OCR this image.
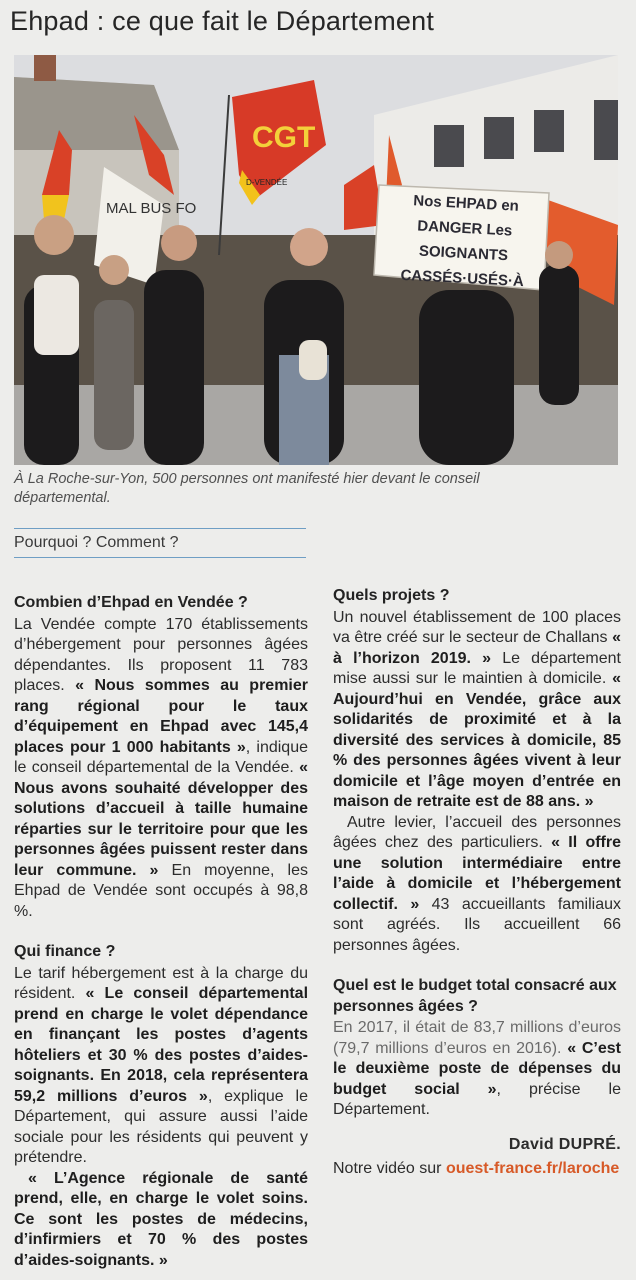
Ehpad : ce que fait le Département
CGT
D-VENDÉE
MAL BUS FO	Nos EHPAD en DANGER Les SOIGNANTS CASSÉS·USÉS·À
À La Roche-sur-Yon, 500 personnes ont manifesté hier devant le conseil départemental.
Pourquoi ? Comment ?
Combien d’Ehpad en Vendée ?

La Vendée compte 170 établissements d’hébergement pour personnes âgées dépendantes. Ils proposent 11 783 places. « Nous sommes au premier rang régional pour le taux d’équipement en Ehpad avec 145,4 places pour 1 000 habitants », indique le conseil départemental de la Vendée. « Nous avons souhaité développer des solutions d’accueil à taille humaine réparties sur le territoire pour que les personnes âgées puissent rester dans leur commune. » En moyenne, les Ehpad de Vendée sont occupés à 98,8 %.

Qui finance ?

Le tarif hébergement est à la charge du résident. « Le conseil départemental prend en charge le volet dépendance en finançant les postes d’agents hôteliers et 30 % des postes d’aides-soignants. En 2018, cela représentera 59,2 millions d’euros », explique le Département, qui assure aussi l’aide sociale pour les résidents qui peuvent y prétendre.

« L’Agence régionale de santé prend, elle, en charge le volet soins. Ce sont les postes de médecins, d’infirmiers et 70 % des postes d’aides-soignants. »

Quels projets ?

Un nouvel établissement de 100 places va être créé sur le secteur de Challans « à l’horizon 2019. » Le département mise aussi sur le maintien à domicile. « Aujourd’hui en Vendée, grâce aux solidarités de proximité et à la diversité des services à domicile, 85 % des personnes âgées vivent à leur domicile et l’âge moyen d’entrée en maison de retraite est de 88 ans. »

Autre levier, l’accueil des personnes âgées chez des particuliers. « Il offre une solution intermédiaire entre l’aide à domicile et l’hébergement collectif. » 43 accueillants familiaux sont agréés. Ils accueillent 66 personnes âgées.

Quel est le budget total consacré aux personnes âgées ?

En 2017, il était de 83,7 millions d’euros (79,7 millions d’euros en 2016). « C’est le deuxième poste de dépenses du budget social », précise le Département.

David DUPRÉ.
Notre vidéo sur ouest-france.fr/laroche
